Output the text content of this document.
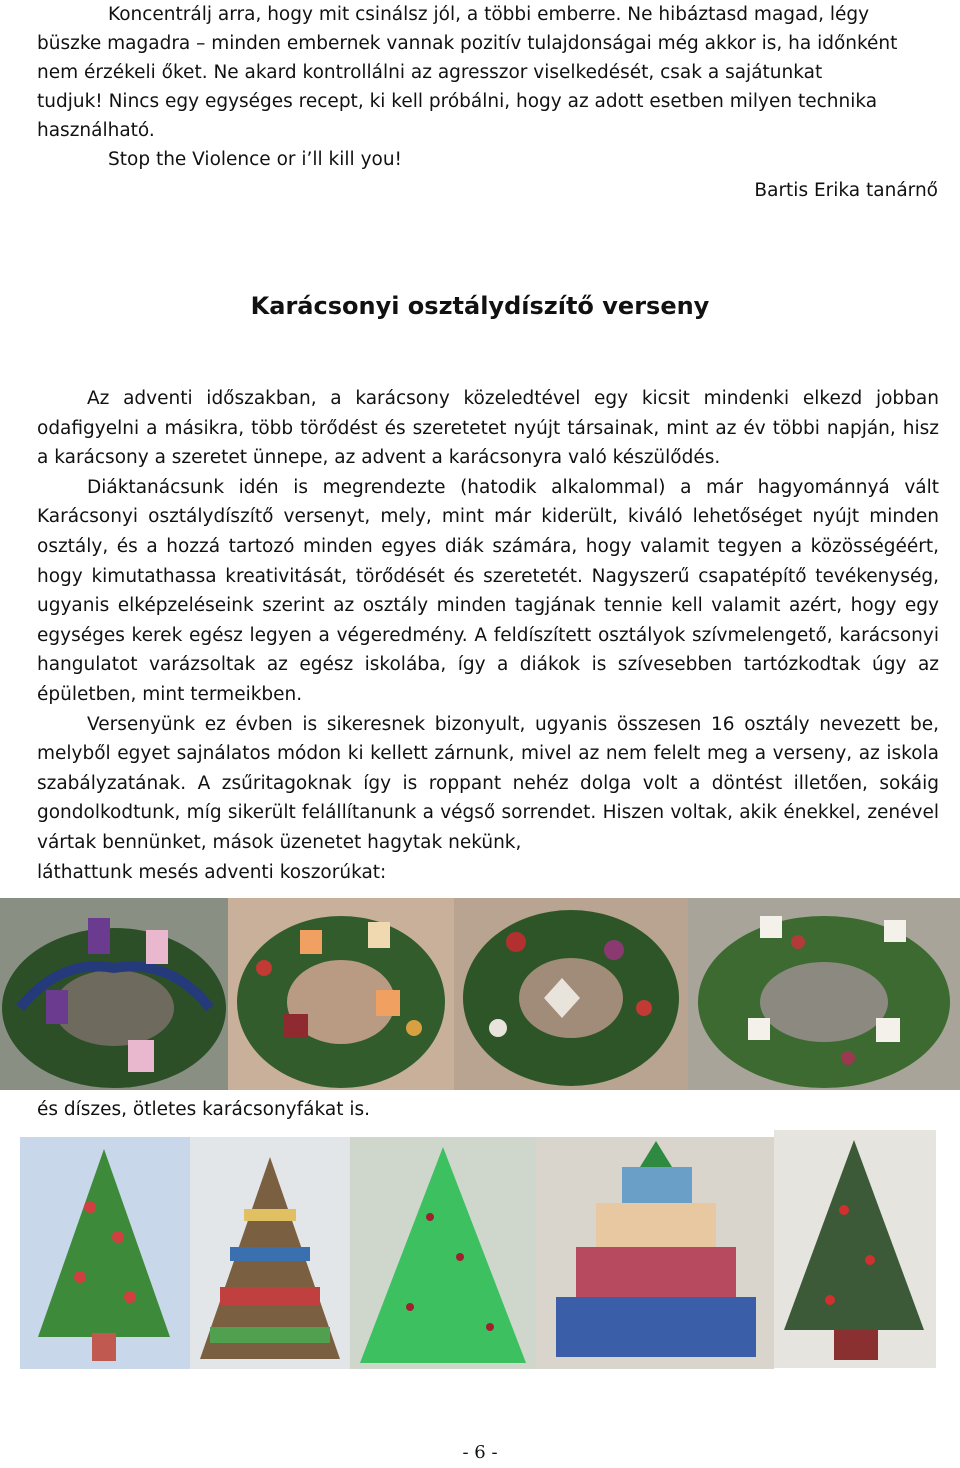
Koncentrálj arra, hogy mit csinálsz jól, a többi emberre. Ne hibáztasd magad, légy
büszke magadra – minden embernek vannak pozitív tulajdonságai még akkor is, ha időnként
nem érzékeli őket. Ne akard kontrollálni az agresszor viselkedését, csak a sajátunkat
tudjuk! Nincs egy egységes recept, ki kell próbálni, hogy az adott esetben milyen technika
használható.
Stop the Violence or i’ll kill you!
Bartis Erika tanárnő
Karácsonyi osztálydíszítő verseny

Az adventi időszakban, a karácsony közeledtével egy kicsit mindenki elkezd jobban odafigyelni a másikra, több törődést és szeretetet nyújt társainak, mint az év többi napján, hisz a karácsony a szeretet ünnepe, az advent a karácsonyra való készülődés.

Diáktanácsunk idén is megrendezte (hatodik alkalommal) a már hagyománnyá vált Karácsonyi osztálydíszítő versenyt, mely, mint már kiderült, kiváló lehetőséget nyújt minden osztály, és a hozzá tartozó minden egyes diák számára, hogy valamit tegyen a közösségéért, hogy kimutathassa kreativitását, törődését és szeretetét. Nagyszerű csapatépítő tevékenység, ugyanis elképzeléseink szerint az osztály minden tagjának tennie kell valamit azért, hogy egy egységes kerek egész legyen a végeredmény. A feldíszített osztályok szívmelengető, karácsonyi hangulatot varázsoltak az egész iskolába, így a diákok is szívesebben tartózkodtak úgy az épületben, mint termeikben.

Versenyünk ez évben is sikeresnek bizonyult, ugyanis összesen 16 osztály nevezett be, melyből egyet sajnálatos módon ki kellett zárnunk, mivel az nem felelt meg a verseny, az iskola szabályzatának. A zsűritagoknak így is roppant nehéz dolga volt a döntést illetően, sokáig gondolkodtunk, míg sikerült felállítanunk a végső sorrendet. Hiszen voltak, akik énekkel, zenével vártak bennünket, mások üzenetet hagytak nekünk,

láthattunk mesés adventi koszorúkat:
és díszes, ötletes karácsonyfákat is.
- 6 -
